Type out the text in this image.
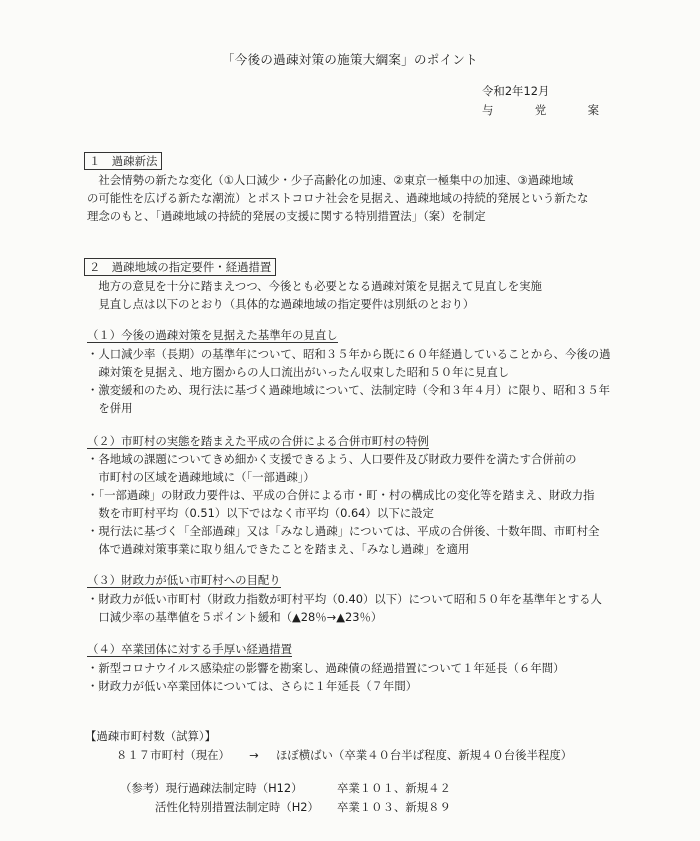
「今後の過疎対策の施策大綱案」のポイント
令和2年12月
与　党　案
１　過疎新法
　社会情勢の新たな変化（①人口減少・少子高齢化の加速、②東京一極集中の加速、③過疎地域
の可能性を広げる新たな潮流）とポストコロナ社会を見据え、過疎地域の持続的発展という新たな
理念のもと、「過疎地域の持続的発展の支援に関する特別措置法」（案）を制定
２　過疎地域の指定要件・経過措置
　地方の意見を十分に踏まえつつ、今後とも必要となる過疎対策を見据えて見直しを実施
　見直し点は以下のとおり（具体的な過疎地域の指定要件は別紙のとおり）
（１）今後の過疎対策を見据えた基準年の見直し
・人口減少率（長期）の基準年について、昭和３５年から既に６０年経過していることから、今後の過
　疎対策を見据え、地方圏からの人口流出がいったん収束した昭和５０年に見直し
・激変緩和のため、現行法に基づく過疎地域について、法制定時（令和３年４月）に限り、昭和３５年
　を併用
（２）市町村の実態を踏まえた平成の合併による合併市町村の特例
・各地域の課題についてきめ細かく支援できるよう、人口要件及び財政力要件を満たす合併前の
　市町村の区域を過疎地域に（「一部過疎」）
・「一部過疎」の財政力要件は、平成の合併による市・町・村の構成比の変化等を踏まえ、財政力指
　数を市町村平均（0.51）以下ではなく市平均（0.64）以下に設定
・現行法に基づく「全部過疎」又は「みなし過疎」については、平成の合併後、十数年間、市町村全
　体で過疎対策事業に取り組んできたことを踏まえ、「みなし過疎」を適用
（３）財政力が低い市町村への目配り
・財政力が低い市町村（財政力指数が町村平均（0.40）以下）について昭和５０年を基準年とする人
　口減少率の基準値を５ポイント緩和（▲28％→▲23％）
（４）卒業団体に対する手厚い経過措置
・新型コロナウイルス感染症の影響を勘案し、過疎債の経過措置について１年延長（６年間）
・財政力が低い卒業団体については、さらに１年延長（７年間）
【過疎市町村数（試算）】
８１７市町村（現在） → ほぼ横ばい（卒業４０台半ば程度、新規４０台後半程度）
（参考）現行過疎法制定時（H12）	卒業１０１、新規４２
活性化特別措置法制定時（H2） 卒業１０３、新規８９
